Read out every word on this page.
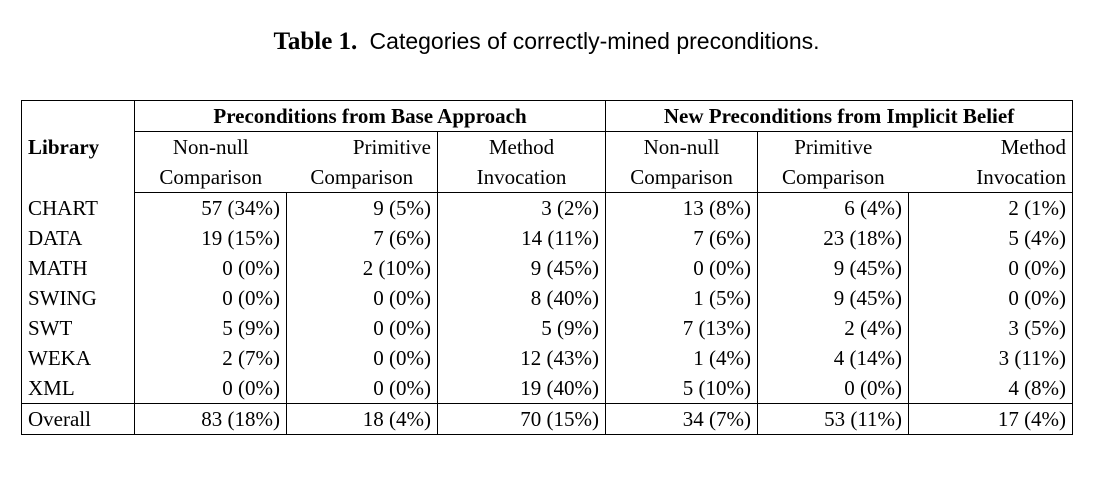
Table 1. Categories of correctly-mined preconditions.
Library	Preconditions from Base Approach			New Preconditions from Implicit Belief		
	Non-null	Primitive	Method	Non-null	Primitive	Method
	Comparison	Comparison	Invocation	Comparison	Comparison	Invocation
CHART	57 (34%)	9 (5%)	3 (2%)	13 (8%)	6 (4%)	2 (1%)
DATA	19 (15%)	7 (6%)	14 (11%)	7 (6%)	23 (18%)	5 (4%)
MATH	0 (0%)	2 (10%)	9 (45%)	0 (0%)	9 (45%)	0 (0%)
SWING	0 (0%)	0 (0%)	8 (40%)	1 (5%)	9 (45%)	0 (0%)
SWT	5 (9%)	0 (0%)	5 (9%)	7 (13%)	2 (4%)	3 (5%)
WEKA	2 (7%)	0 (0%)	12 (43%)	1 (4%)	4 (14%)	3 (11%)
XML	0 (0%)	0 (0%)	19 (40%)	5 (10%)	0 (0%)	4 (8%)
Overall	83 (18%)	18 (4%)	70 (15%)	34 (7%)	53 (11%)	17 (4%)
